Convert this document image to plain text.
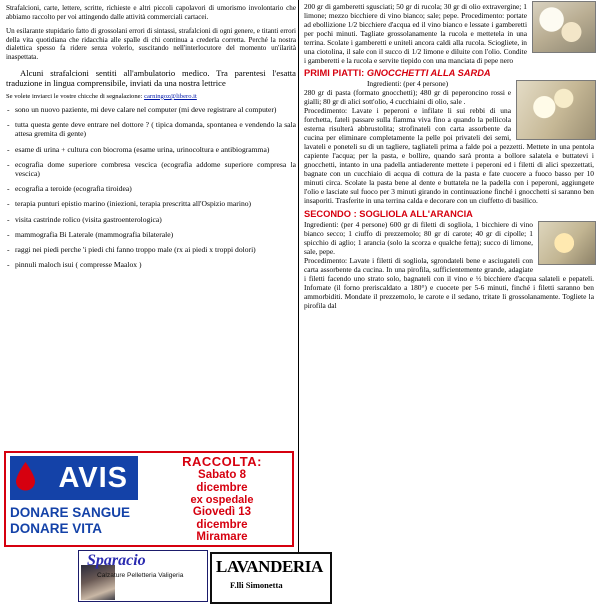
Strafalcioni, carte, lettere, scritte, richieste e altri piccoli capolavori di umorismo involontario che abbiamo raccolto per voi attingendo dalle attività commerciali cartacei.

Un esilarante stupidario fatto di grossolani errori di sintassi, strafalcioni di ogni genere, e titanti errori della vita quotidiana che ridacchia alle spalle di chi continua a crederla corretta. Perché la nostra dialettica spesso fa ridere senza volerlo, suscitando nell'interlocutore del momento un'ilarità inaspettata.

Alcuni strafalcioni sentiti all'ambulatorio medico. Tra parentesi l'esatta traduzione in lingua comprensibile, inviati da una nostra lettrice

Se volete inviarci le vostre chicche di segnalazione: carningoz@libero.it

- sono un nuovo paziente, mi deve calare nel computer (mi deve registrare al computer)
- tutta questa gente deve entrare nel dottore ? ( tipica domanda, spontanea e vendendo la sala attesa gremita di gente)
- esame di urina + cultura con biocroma (esame urina, urinocoltura e antibiogramma)
- ecografia dome superiore combresa vescica (ecografia addome superiore compresa la vescica)
- ecografia a teroide (ecografia tiroidea)
- terapia punturi epistio marino (iniezioni, terapia prescritta all'Ospizio marino)
- visita castrinde rolico (visita gastroenterologica)
- mammografia Bi Laterale (mammografia bilaterale)
- raggi nei piedi perche 'i piedi chi fanno troppo male (rx ai piedi x troppi dolori)
- pinnuli maloch isui ( compresse Maalox )
AVIS
DONARE SANGUE
DONARE VITA
RACCOLTA:
Sabato 8
dicembre
ex ospedale
Giovedì 13
dicembre
Miramare
Sparacio
Calzature Pelletteria Valigeria LAVANDERIA
F.lli Simonetta

200 gr di gamberetti sgusciati; 50 gr di rucola; 30 gr di olio extravergine; 1 limone; mezzo bicchiere di vino bianco; sale; pepe. Procedimento: portate ad ebollizione 1/2 bicchiere d'acqua ed il vino bianco e lessate i gamberetti per pochi minuti. Tagliate grossolanamente la rucola e mettetela in una terrina. Scolate i gamberetti e uniteli ancora caldi alla rucola. Sciogliete, in una ciotolina, il sale con il succo di 1/2 limone e diluite con l'olio. Condite i gamberetti e la rucola e servite tiepido con una manciata di pepe nero

PRIMI PIATTI: GNOCCHETTI ALLA SARDA
Ingredienti: (per 4 persone)

280 gr di pasta (formato gnocchetti); 480 gr di peperoncino rossi e gialli; 80 gr di alici sott'olio, 4 cucchiaini di olio, sale .

Procedimento: Lavate i peperoni e infilate li sui rebbi di una forchetta, fateli passare sulla fiamma viva fino a quando la pellicola esterna risulterà abbrustolita; strofinateli con carta assorbente da cucina per eliminare completamente la pelle poi privateli dei semi, lavateli e poneteli su di un tagliere, tagliateli prima a falde poi a pezzetti. Mettete in una pentola capiente l'acqua; per la pasta, e bollire, quando sarà pronta a bollore salatela e buttatevi i gnocchetti, intanto in una padella antiaderente mettete i peperoni ed i filetti di alici spezzettati, bagnate con un cucchiaio di acqua di cottura de la pasta e fate cuocere a fuoco basso per 10 minuti circa. Scolate la pasta bene al dente e buttatela ne la padella con i peperoni, aggiungete l'olio e lasciate sul fuoco per 3 minuti girando in continuazione finché i gnocchetti si saranno ben insaporiti. Trasferite in una terrina calda e decorare con un ciuffetto di basilico.

SECONDO : SOGLIOLA ALL'ARANCIA

Ingredienti: (per 4 persone) 600 gr di filetti di sogliola, 1 bicchiere di vino bianco secco; 1 ciuffo di prezzemolo; 80 gr di carote; 40 gr di cipolle; 1 spicchio di aglio; 1 arancia (solo la scorza e qualche fetta); succo di limone, sale, pepe.

Procedimento: Lavate i filetti di sogliola, sgrondateli bene e asciugateli con carta assorbente da cucina. In una pirofila, sufficientemente grande, adagiate i filetti facendo uno strato solo, bagnateli con il vino e ½ bicchiere d'acqua salateli e pepateli. Infornate (il forno preriscaldato a 180°) e cuocete per 5-6 minuti, finché i filetti saranno ben ammorbiditi. Mondate il prezzemolo, le carote e il sedano, tritate li grossolanamente. Togliete la pirofila dal
